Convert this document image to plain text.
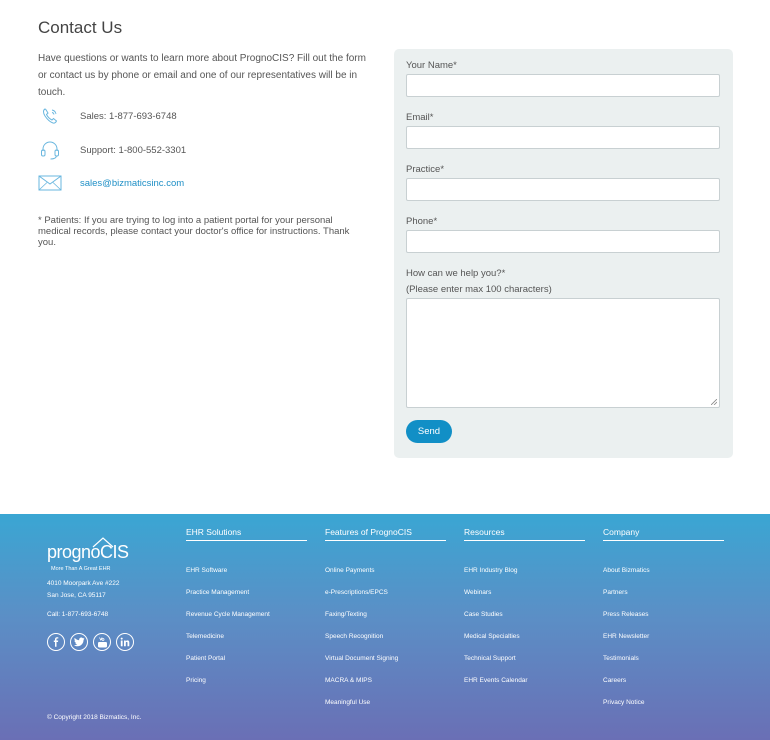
Contact Us

Have questions or wants to learn more about PrognoCIS? Fill out the form or contact us by phone or email and one of our representatives will be in touch.

Sales: 1-877-693-6748
Support: 1-800-552-3301
sales@bizmaticsinc.com

* Patients: If you are trying to log into a patient portal for your personal medical records, please contact your doctor's office for instructions. Thank you.

Your Name*
Email*
Practice*
Phone*
How can we help you?*
(Please enter max 100 characters)
Send
prognoCIS
More Than A Great EHR
4010 Moorpark Ave #222
San Jose, CA 95117
Call: 1-877-693-6748
EHR Solutions
EHR Software
Practice Management
Revenue Cycle Management
Telemedicine
Patient Portal
Pricing
Features of PrognoCIS
Online Payments
e-Prescriptions/EPCS
Faxing/Texting
Speech Recognition
Virtual Document Signing
MACRA & MIPS
Meaningful Use
Resources
EHR Industry Blog
Webinars
Case Studies
Medical Specialties
Technical Support
EHR Events Calendar
Company
About Bizmatics
Partners
Press Releases
EHR Newsletter
Testimonials
Careers
Privacy Notice
© Copyright 2018 Bizmatics, Inc.
